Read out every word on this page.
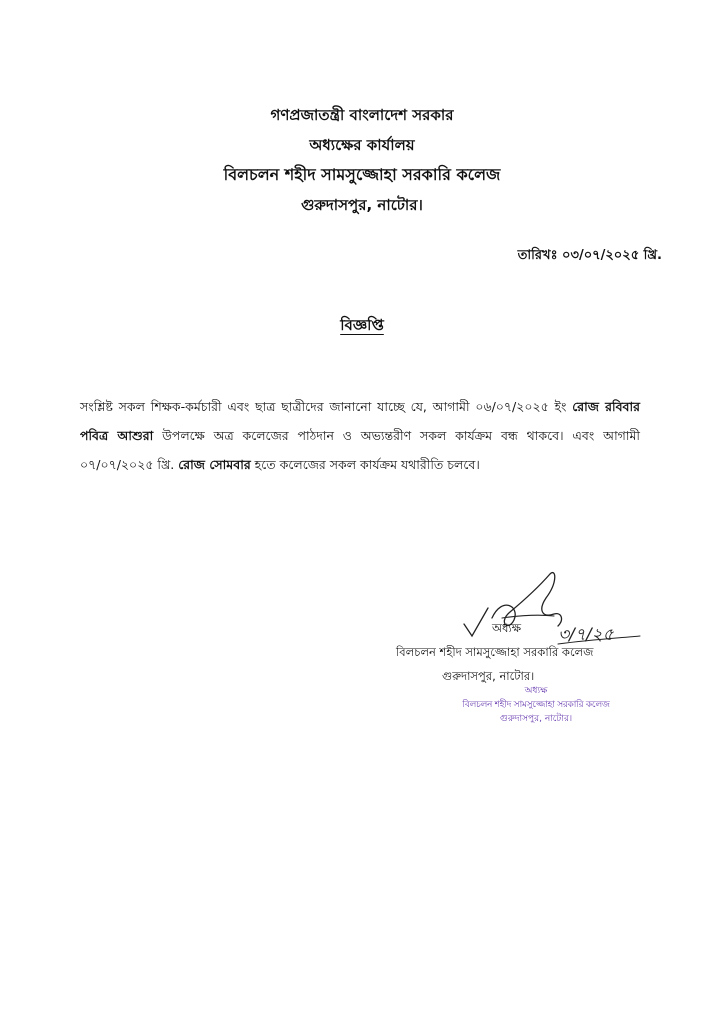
গণপ্রজাতন্ত্রী বাংলাদেশ সরকার
অধ্যক্ষের কার্যালয়
বিলচলন শহীদ সামসুজ্জোহা সরকারি কলেজ
গুরুদাসপুর, নাটোর।
তারিখঃ ০৩/০৭/২০২৫ খ্রি.
বিজ্ঞপ্তি
সংশ্লিষ্ট সকল শিক্ষক-কর্মচারী এবং ছাত্র ছাত্রীদের জানানো যাচ্ছে যে, আগামী ০৬/০৭/২০২৫ ইং রোজ রবিবার পবিত্র আশুরা উপলক্ষে অত্র কলেজের পাঠদান ও অভ্যন্তরীণ সকল কার্যক্রম বন্ধ থাকবে। এবং আগামী ০৭/০৭/২০২৫ খ্রি. রোজ সোমবার হতে কলেজের সকল কার্যক্রম যথারীতি চলবে।
৩/৭/২৫
অধ্যক্ষ
বিলচলন শহীদ সামসুজ্জোহা সরকারি কলেজ
গুরুদাসপুর, নাটোর।
অধ্যক্ষ
বিলচলন শহীদ সামসুজ্জোহা সরকারি কলেজ
গুরুদাসপুর, নাটোর।
